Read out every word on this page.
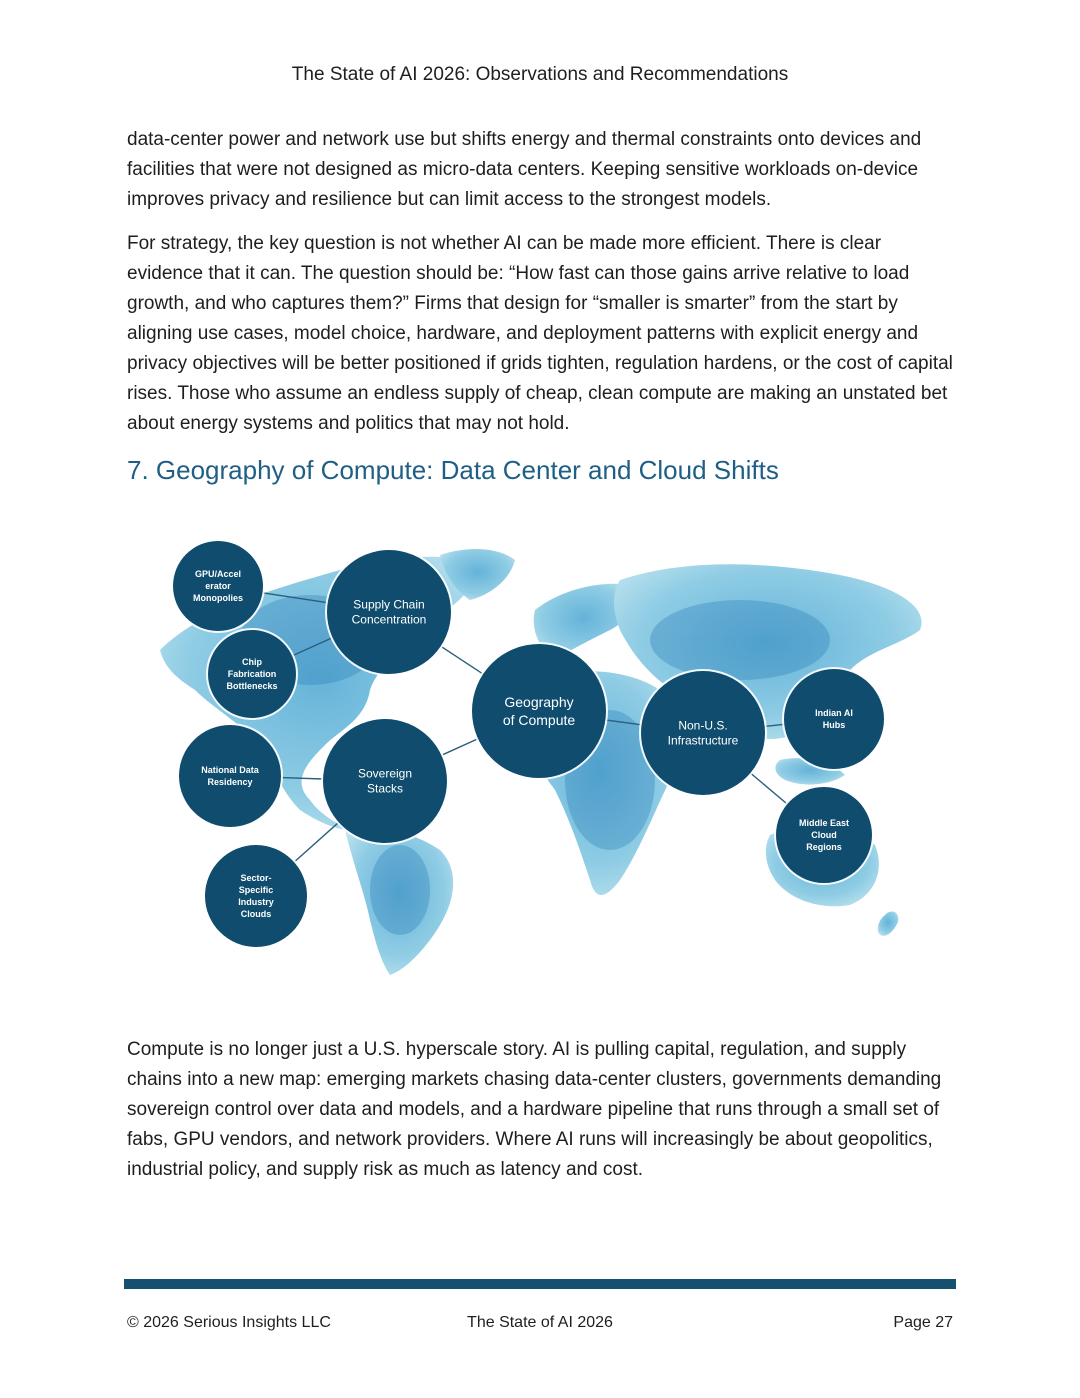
The State of AI 2026: Observations and Recommendations

data-center power and network use but shifts energy and thermal constraints onto devices and facilities that were not designed as micro-data centers. Keeping sensitive workloads on-device improves privacy and resilience but can limit access to the strongest models.

For strategy, the key question is not whether AI can be made more efficient. There is clear evidence that it can. The question should be: “How fast can those gains arrive relative to load growth, and who captures them?” Firms that design for “smaller is smarter” from the start by aligning use cases, model choice, hardware, and deployment patterns with explicit energy and privacy objectives will be better positioned if grids tighten, regulation hardens, or the cost of capital rises. Those who assume an endless supply of cheap, clean compute are making an unstated bet about energy systems and politics that may not hold.

7. Geography of Compute: Data Center and Cloud Shifts
Geography
of Compute
Supply Chain
Concentration
GPU/Accel
erator
Monopolies
Chip
Fabrication
Bottlenecks
Sovereign
Stacks
National Data
Residency
Sector-
Specific
Industry
Clouds
Non-U.S.
Infrastructure
Indian AI
Hubs
Middle East
Cloud
Regions

Compute is no longer just a U.S. hyperscale story. AI is pulling capital, regulation, and supply chains into a new map: emerging markets chasing data-center clusters, governments demanding sovereign control over data and models, and a hardware pipeline that runs through a small set of fabs, GPU vendors, and network providers. Where AI runs will increasingly be about geopolitics, industrial policy, and supply risk as much as latency and cost.

© 2026 Serious Insights LLC	The State of AI 2026	Page 27
